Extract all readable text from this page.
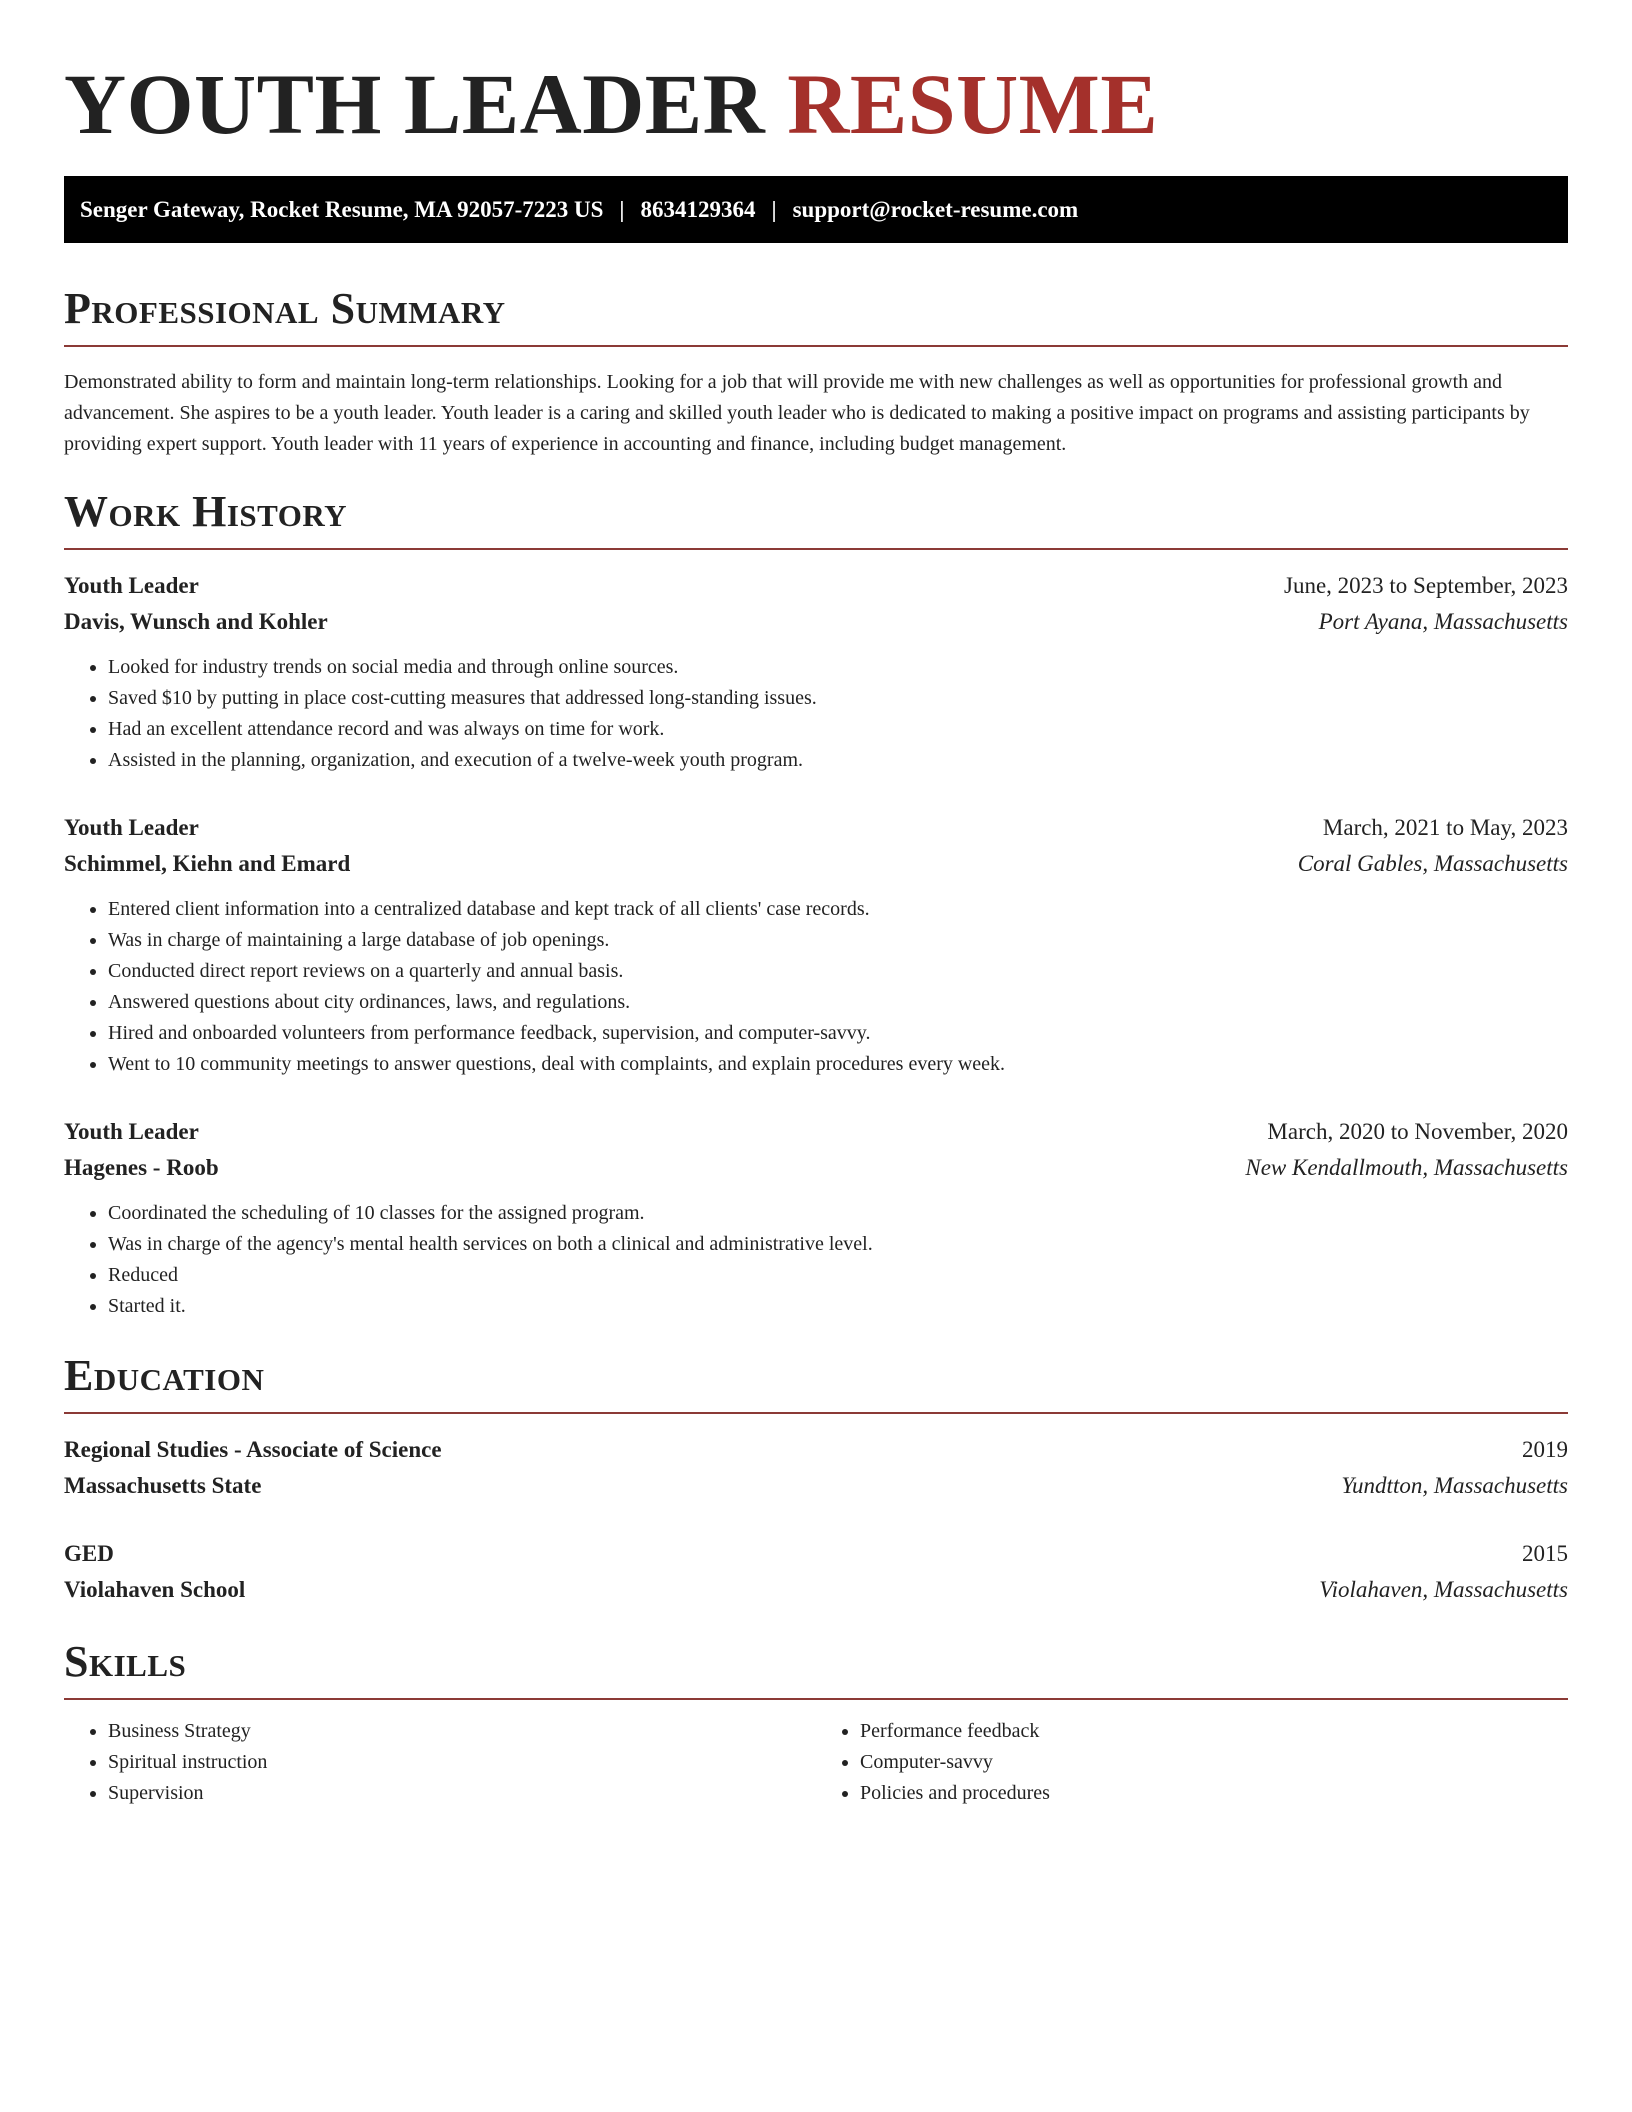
YOUTH LEADER RESUME
Senger Gateway, Rocket Resume, MA 92057-7223 US | 8634129364 | support@rocket-resume.com
Professional Summary

Demonstrated ability to form and maintain long-term relationships. Looking for a job that will provide me with new challenges as well as opportunities for professional growth and advancement. She aspires to be a youth leader. Youth leader is a caring and skilled youth leader who is dedicated to making a positive impact on programs and assisting participants by providing expert support. Youth leader with 11 years of experience in accounting and finance, including budget management.

Work History
Youth Leader	June, 2023 to September, 2023
Davis, Wunsch and Kohler	Port Ayana, Massachusetts
• Looked for industry trends on social media and through online sources.
• Saved $10 by putting in place cost-cutting measures that addressed long-standing issues.
• Had an excellent attendance record and was always on time for work.
• Assisted in the planning, organization, and execution of a twelve-week youth program.
Youth Leader	March, 2021 to May, 2023
Schimmel, Kiehn and Emard	Coral Gables, Massachusetts
• Entered client information into a centralized database and kept track of all clients' case records.
• Was in charge of maintaining a large database of job openings.
• Conducted direct report reviews on a quarterly and annual basis.
• Answered questions about city ordinances, laws, and regulations.
• Hired and onboarded volunteers from performance feedback, supervision, and computer-savvy.
• Went to 10 community meetings to answer questions, deal with complaints, and explain procedures every week.
Youth Leader	March, 2020 to November, 2020
Hagenes - Roob	New Kendallmouth, Massachusetts
• Coordinated the scheduling of 10 classes for the assigned program.
• Was in charge of the agency's mental health services on both a clinical and administrative level.
• Reduced
• Started it.
Education
Regional Studies - Associate of Science	2019
Massachusetts State	Yundtton, Massachusetts
GED	2015
Violahaven School	Violahaven, Massachusetts
Skills
• Business Strategy
• Spiritual instruction
• Supervision
• Performance feedback
• Computer-savvy
• Policies and procedures
